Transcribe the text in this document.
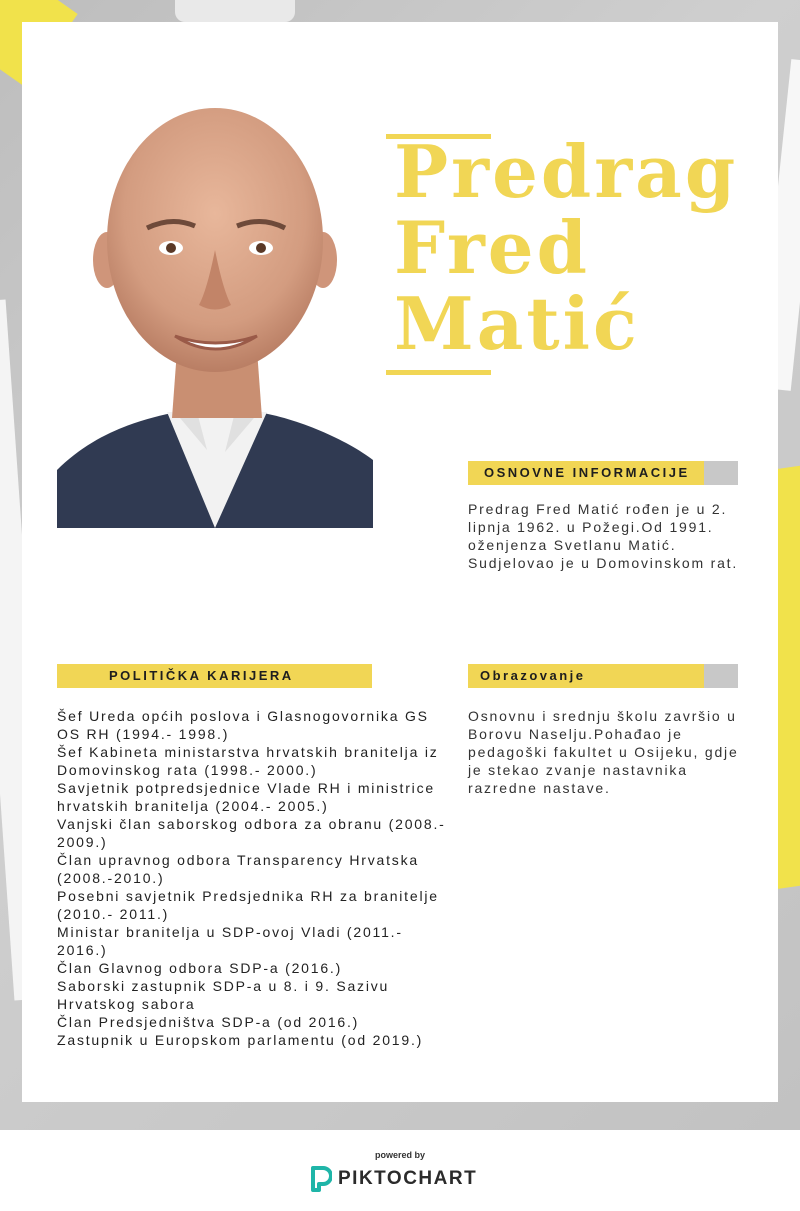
Predrag
Fred
Matić
OSNOVNE INFORMACIJE
Predrag Fred Matić rođen je u 2. lipnja 1962. u Požegi.Od 1991. oženjenza Svetlanu Matić. Sudjelovao je u Domovinskom rat.
POLITIČKA KARIJERA
Šef Ureda općih poslova i Glasnogovornika GS OS RH (1994.- 1998.)
Šef Kabineta ministarstva hrvatskih branitelja iz Domovinskog rata (1998.- 2000.)
Savjetnik potpredsjednice Vlade RH i ministrice hrvatskih branitelja (2004.- 2005.)
Vanjski član saborskog odbora za obranu (2008.- 2009.)
Član upravnog odbora Transparency Hrvatska (2008.-2010.)
Posebni savjetnik Predsjednika RH za branitelje (2010.- 2011.)
Ministar branitelja u SDP-ovoj Vladi (2011.- 2016.)
Član Glavnog odbora SDP-a (2016.)
Saborski zastupnik SDP-a u 8. i 9. Sazivu Hrvatskog sabora
Član Predsjedništva SDP-a (od 2016.)
Zastupnik u Europskom parlamentu (od 2019.)
Obrazovanje
Osnovnu i srednju školu završio u Borovu Naselju.Pohađao je pedagoški fakultet u Osijeku, gdje je stekao zvanje nastavnika razredne nastave.
powered by
PIKTOCHART
